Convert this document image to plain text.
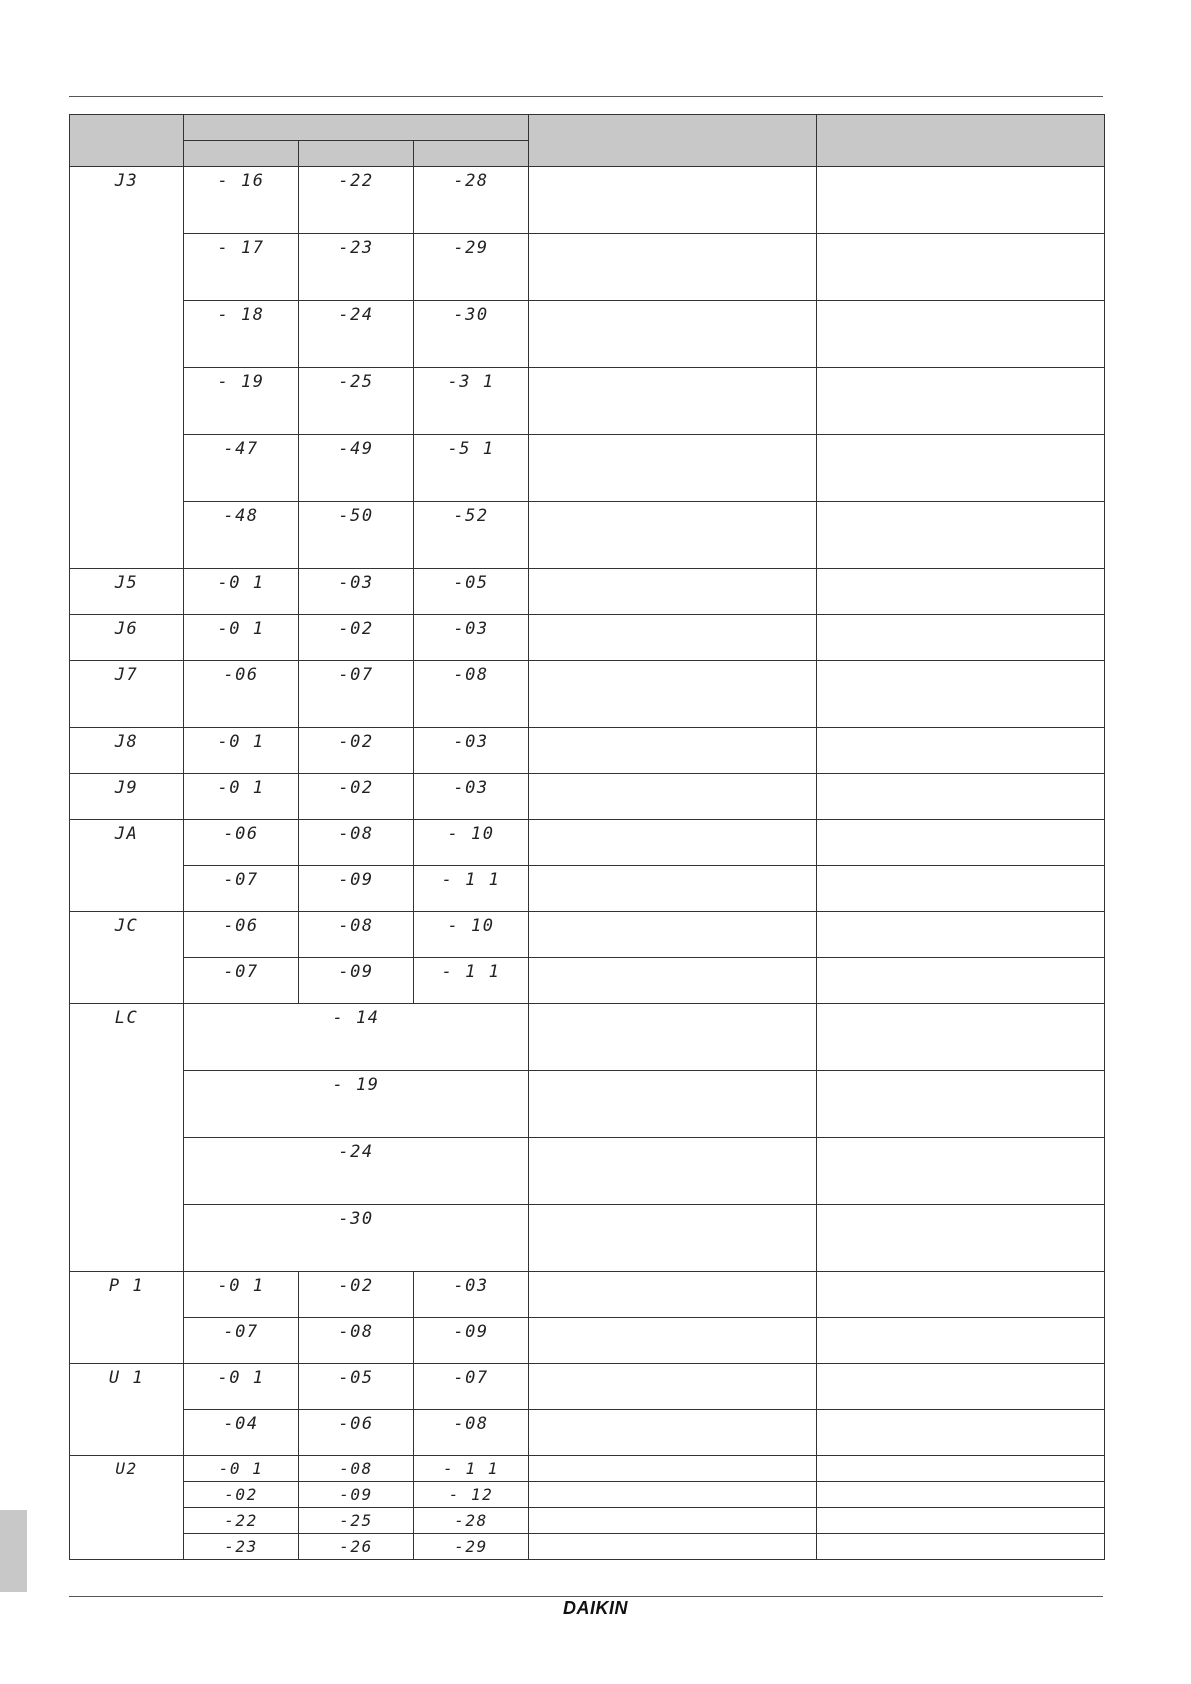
J3	- 16	-22	-28		

	- 17	-23	-29		

	- 18	-24	-30		

	- 19	-25	-3 1		

	-47	-49	-5 1		

	-48	-50	-52		

J5	-0 1	-03	-05		

J6	-0 1	-02	-03		

J7	-06	-07	-08		

J8	-0 1	-02	-03		

J9	-0 1	-02	-03		

JA	-06	-08	- 10		

	-07	-09	- 1 1		

JC	-06	-08	- 10		

	-07	-09	- 1 1		

LC	- 14				

	- 19				

	-24				

	-30				

P 1	-0 1	-02	-03		

	-07	-08	-09		

U 1	-0 1	-05	-07		

	-04	-06	-08		

U2	-0 1	-08	- 1 1		

	-02	-09	- 12		

	-22	-25	-28		

	-23	-26	-29		

DAIKIN
